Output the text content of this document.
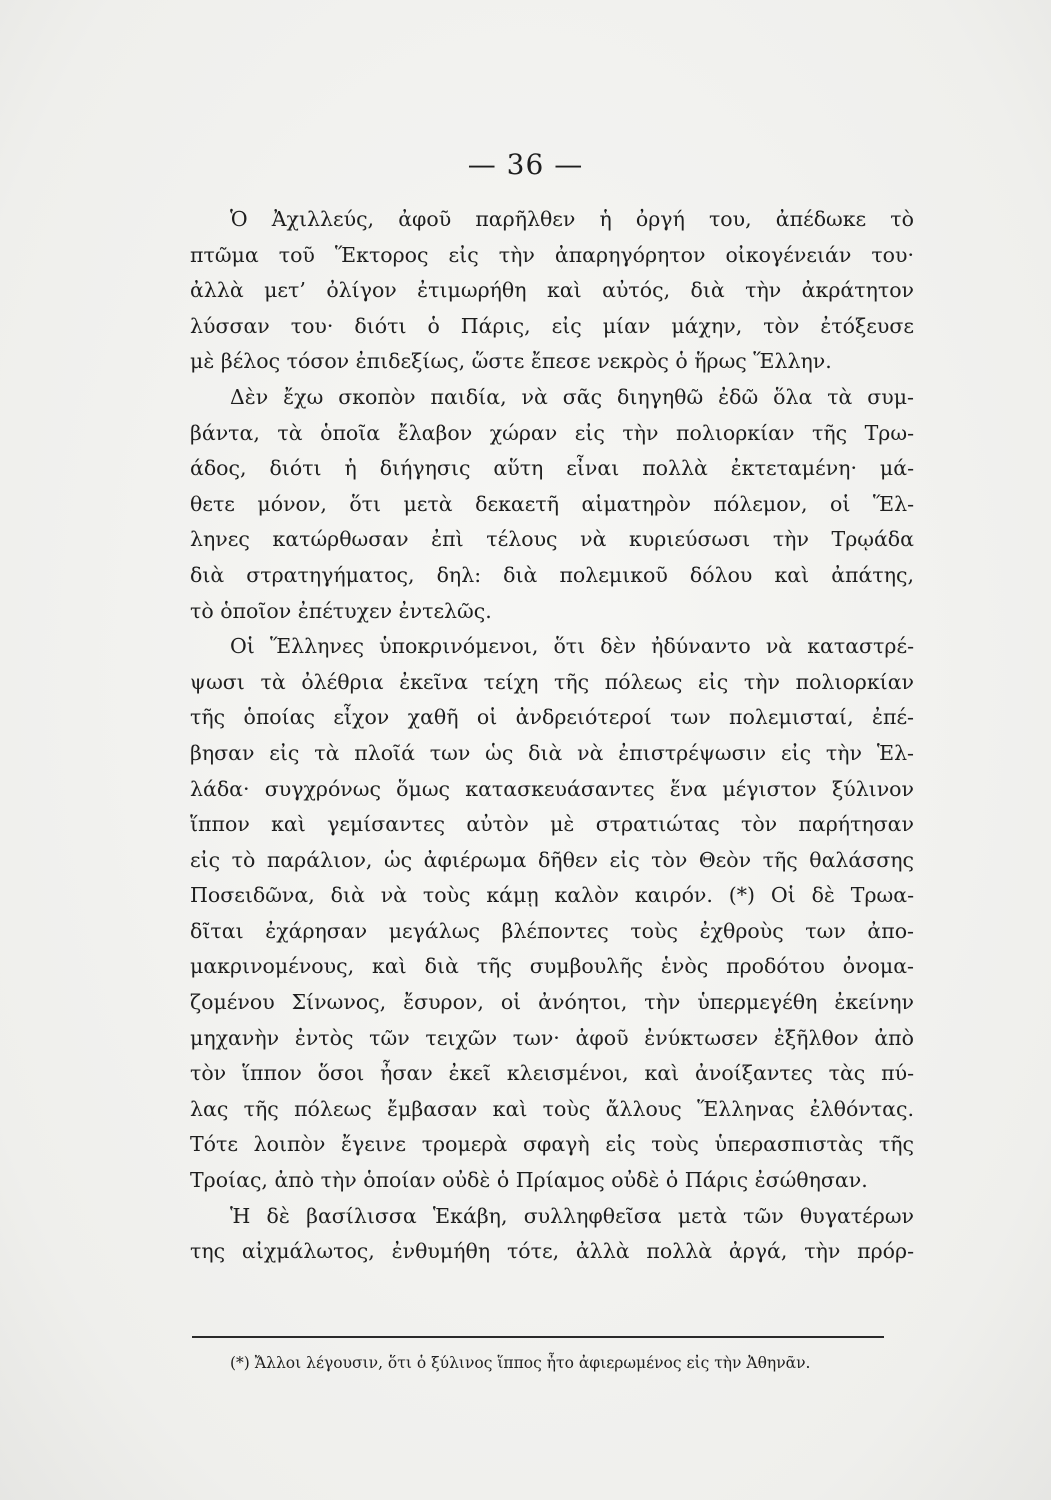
— 36 —
Ὁ Ἀχιλλεύς, ἀφοῦ παρῆλθεν ἡ ὀργή του, ἀπέδωκε τὸ
πτῶμα τοῦ Ἕκτορος εἰς τὴν ἀπαρηγόρητον οἰκογένειάν του·
ἀλλὰ μετ’ ὀλίγον ἐτιμωρήθη καὶ αὐτός, διὰ τὴν ἀκράτητον
λύσσαν του· διότι ὁ Πάρις, εἰς μίαν μάχην, τὸν ἐτόξευσε
μὲ βέλος τόσον ἐπιδεξίως, ὥστε ἔπεσε νεκρὸς ὁ ἥρως Ἕλλην.
Δὲν ἔχω σκοπὸν παιδία, νὰ σᾶς διηγηθῶ ἐδῶ ὅλα τὰ συμ-
βάντα, τὰ ὁποῖα ἔλαβον χώραν εἰς τὴν πολιορκίαν τῆς Τρω-
άδος, διότι ἡ διήγησις αὕτη εἶναι πολλὰ ἐκτεταμένη· μά-
θετε μόνον, ὅτι μετὰ δεκαετῆ αἱματηρὸν πόλεμον, οἱ Ἕλ-
ληνες κατώρθωσαν ἐπὶ τέλους νὰ κυριεύσωσι τὴν Τρῳάδα
διὰ στρατηγήματος, δηλ: διὰ πολεμικοῦ δόλου καὶ ἀπάτης,
τὸ ὁποῖον ἐπέτυχεν ἐντελῶς.
Οἱ Ἕλληνες ὑποκρινόμενοι, ὅτι δὲν ἠδύναντο νὰ καταστρέ-
ψωσι τὰ ὀλέθρια ἐκεῖνα τείχη τῆς πόλεως εἰς τὴν πολιορκίαν
τῆς ὁποίας εἶχον χαθῆ οἱ ἀνδρειότεροί των πολεμισταί, ἐπέ-
βησαν εἰς τὰ πλοῖά των ὡς διὰ νὰ ἐπιστρέψωσιν εἰς τὴν Ἑλ-
λάδα· συγχρόνως ὅμως κατασκευάσαντες ἕνα μέγιστον ξύλινον
ἵππον καὶ γεμίσαντες αὐτὸν μὲ στρατιώτας τὸν παρήτησαν
εἰς τὸ παράλιον, ὡς ἀφιέρωμα δῆθεν εἰς τὸν Θεὸν τῆς θαλάσσης
Ποσειδῶνα, διὰ νὰ τοὺς κάμῃ καλὸν καιρόν. (*) Οἱ δὲ Τρωα-
δῖται ἐχάρησαν μεγάλως βλέποντες τοὺς ἐχθροὺς των ἀπο-
μακρινομένους, καὶ διὰ τῆς συμβουλῆς ἑνὸς προδότου ὀνομα-
ζομένου Σίνωνος, ἔσυρον, οἱ ἀνόητοι, τὴν ὑπερμεγέθη ἐκείνην
μηχανὴν ἐντὸς τῶν τειχῶν των· ἀφοῦ ἐνύκτωσεν ἐξῆλθον ἀπὸ
τὸν ἵππον ὅσοι ἦσαν ἐκεῖ κλεισμένοι, καὶ ἀνοίξαντες τὰς πύ-
λας τῆς πόλεως ἔμβασαν καὶ τοὺς ἄλλους Ἕλληνας ἐλθόντας.
Τότε λοιπὸν ἔγεινε τρομερὰ σφαγὴ εἰς τοὺς ὑπερασπιστὰς τῆς
Τροίας, ἀπὸ τὴν ὁποίαν οὐδὲ ὁ Πρίαμος οὐδὲ ὁ Πάρις ἐσώθησαν.
Ἡ δὲ βασίλισσα Ἑκάβη, συλληφθεῖσα μετὰ τῶν θυγατέρων
της αἰχμάλωτος, ἐνθυμήθη τότε, ἀλλὰ πολλὰ ἀργά, τὴν πρόρ-
(*) Ἄλλοι λέγουσιν, ὅτι ὁ ξύλινος ἵππος ἦτο ἀφιερωμένος εἰς τὴν Ἀθηνᾶν.
